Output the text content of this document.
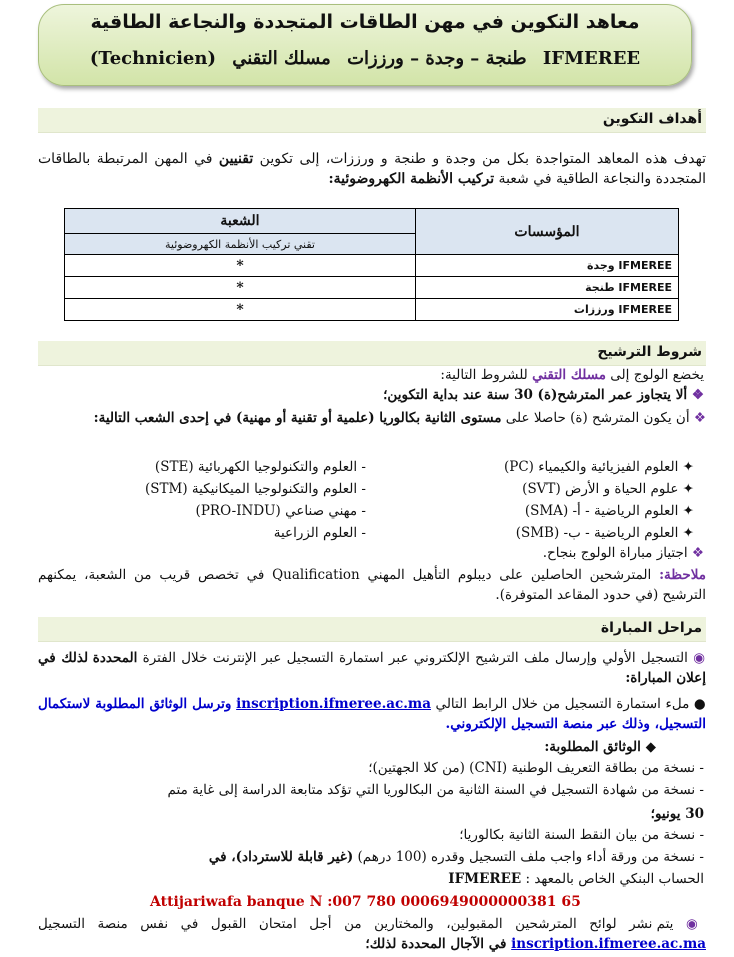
معاهد التكوين في مهن الطاقات المتجددة والنجاعة الطاقية
IFMEREE طنجة – وجدة – ورززات مسلك التقني (Technicien)
أهداف التكوين
تهدف هذه المعاهد المتواجدة بكل من وجدة و طنجة و ورززات، إلى تكوين تقنيين في المهن المرتبطة بالطاقات المتجددة والنجاعة الطاقية في شعبة تركيب الأنظمة الكهروضوئية:
المؤسسات	الشعبة
	تقني تركيب الأنظمة الكهروضوئية
IFMEREE وجدة	*
IFMEREE طنجة	*
IFMEREE ورززات	*
شروط الترشيح
يخضع الولوج إلى مسلك التقني للشروط التالية:
❖ ألا يتجاوز عمر المترشح(ة) 30 سنة عند بداية التكوين؛
❖ أن يكون المترشح (ة) حاصلا على مستوى الثانية بكالوريا (علمية أو تقنية أو مهنية) في إحدى الشعب التالية:
✦ العلوم الفيزيائية والكيمياء (PC)
✦ علوم الحياة و الأرض (SVT)
✦ العلوم الرياضية - أ- (SMA)
✦ العلوم الرياضية - ب- (SMB)
- العلوم والتكنولوجيا الكهربائية (STE)
- العلوم والتكنولوجيا الميكانيكية (STM)
- مهني صناعي (PRO-INDU)
- العلوم الزراعية
❖ اجتياز مباراة الولوج بنجاح.
ملاحظة: المترشحين الحاصلين على ديبلوم التأهيل المهني Qualification في تخصص قريب من الشعبة، يمكنهم الترشيح (في حدود المقاعد المتوفرة).
مراحل المباراة
◉ التسجيل الأولي وإرسال ملف الترشيح الإلكتروني عبر استمارة التسجيل عبر الإنترنت خلال الفترة المحددة لذلك في إعلان المباراة:
● ملء استمارة التسجيل من خلال الرابط التالي inscription.ifmeree.ac.ma وترسل الوثائق المطلوبة لاستكمال التسجيل، وذلك عبر منصة التسجيل الإلكتروني.
◆ الوثائق المطلوبة:
- نسخة من بطاقة التعريف الوطنية (CNI) (من كلا الجهتين)؛
- نسخة من شهادة التسجيل في السنة الثانية من البكالوريا التي تؤكد متابعة الدراسة إلى غاية متم
30 يونيو؛
- نسخة من بيان النقط السنة الثانية بكالوريا؛
- نسخة من ورقة أداء واجب ملف التسجيل وقدره (100 درهم) (غير قابلة للاسترداد)، في
الحساب البنكي الخاص بالمعهد : IFMEREE
Attijariwafa banque N :007 780 0006949000000381 65
◉ يتم نشر لوائح المترشحين المقبولين، والمختارين من أجل امتحان القبول في نفس منصة التسجيل inscription.ifmeree.ac.ma في الآجال المحددة لذلك؛
